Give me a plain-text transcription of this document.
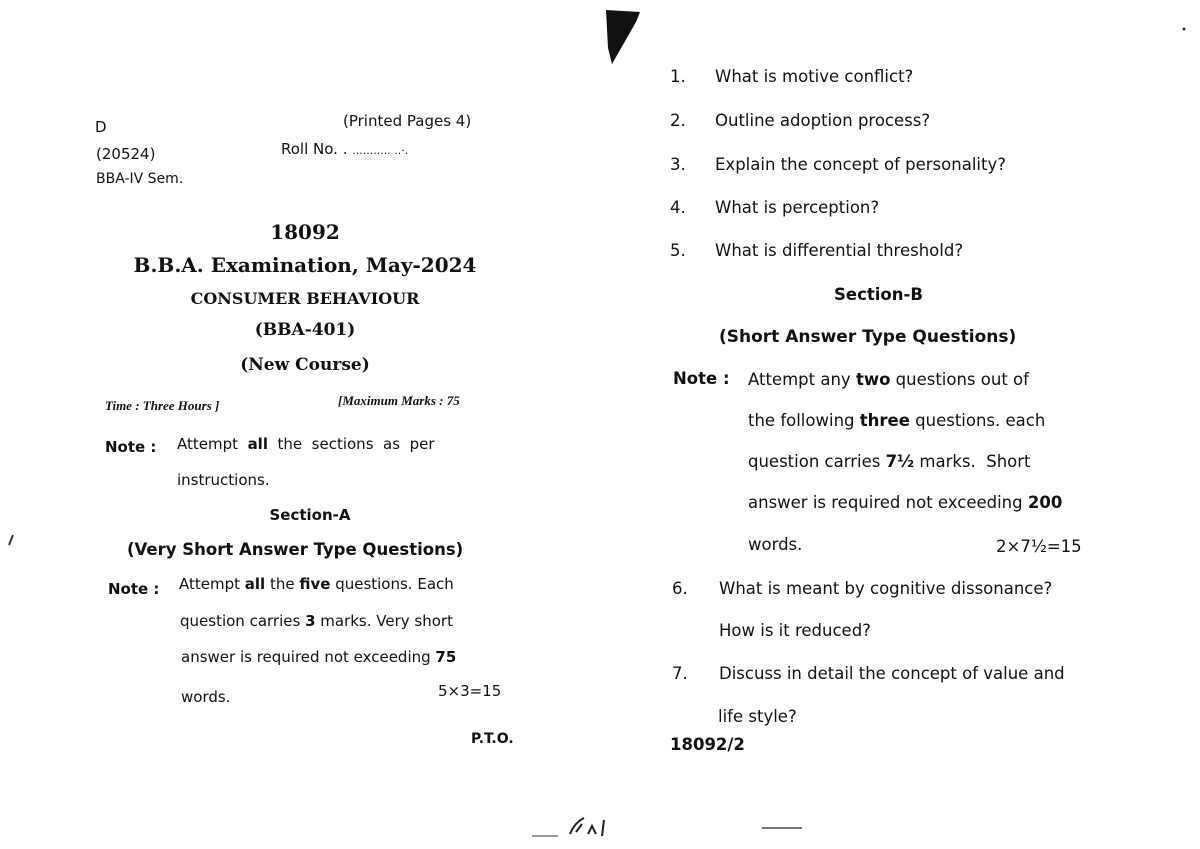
D	(Printed Pages 4)
(20524)	Roll No. . ........... ..·.
BBA-IV Sem.
18092
B.B.A. Examination, May-2024
CONSUMER BEHAVIOUR
(BBA-401)
(New Course)
Time : Three Hours ]	[Maximum Marks : 75
Note : Attempt all the  sections  as  per
instructions.
Section-A
(Very Short Answer Type Questions)
Note : Attempt all the five questions. Each
question carries 3 marks. Very short
answer is required not exceeding 75
words.	5×3=15
P.T.O.
1. What is motive conflict?
2. Outline adoption process?
3. Explain the concept of personality?
4. What is perception?
5. What is differential threshold?
Section-B
(Short Answer Type Questions)
Note : Attempt any two questions out of
the following three questions. each
question carries 7½ marks.  Short
answer is required not exceeding 200
words.	2×7½=15
6. What is meant by cognitive dissonance?
How is it reduced?
7. Discuss in detail the concept of value and
life style?
18092/2
